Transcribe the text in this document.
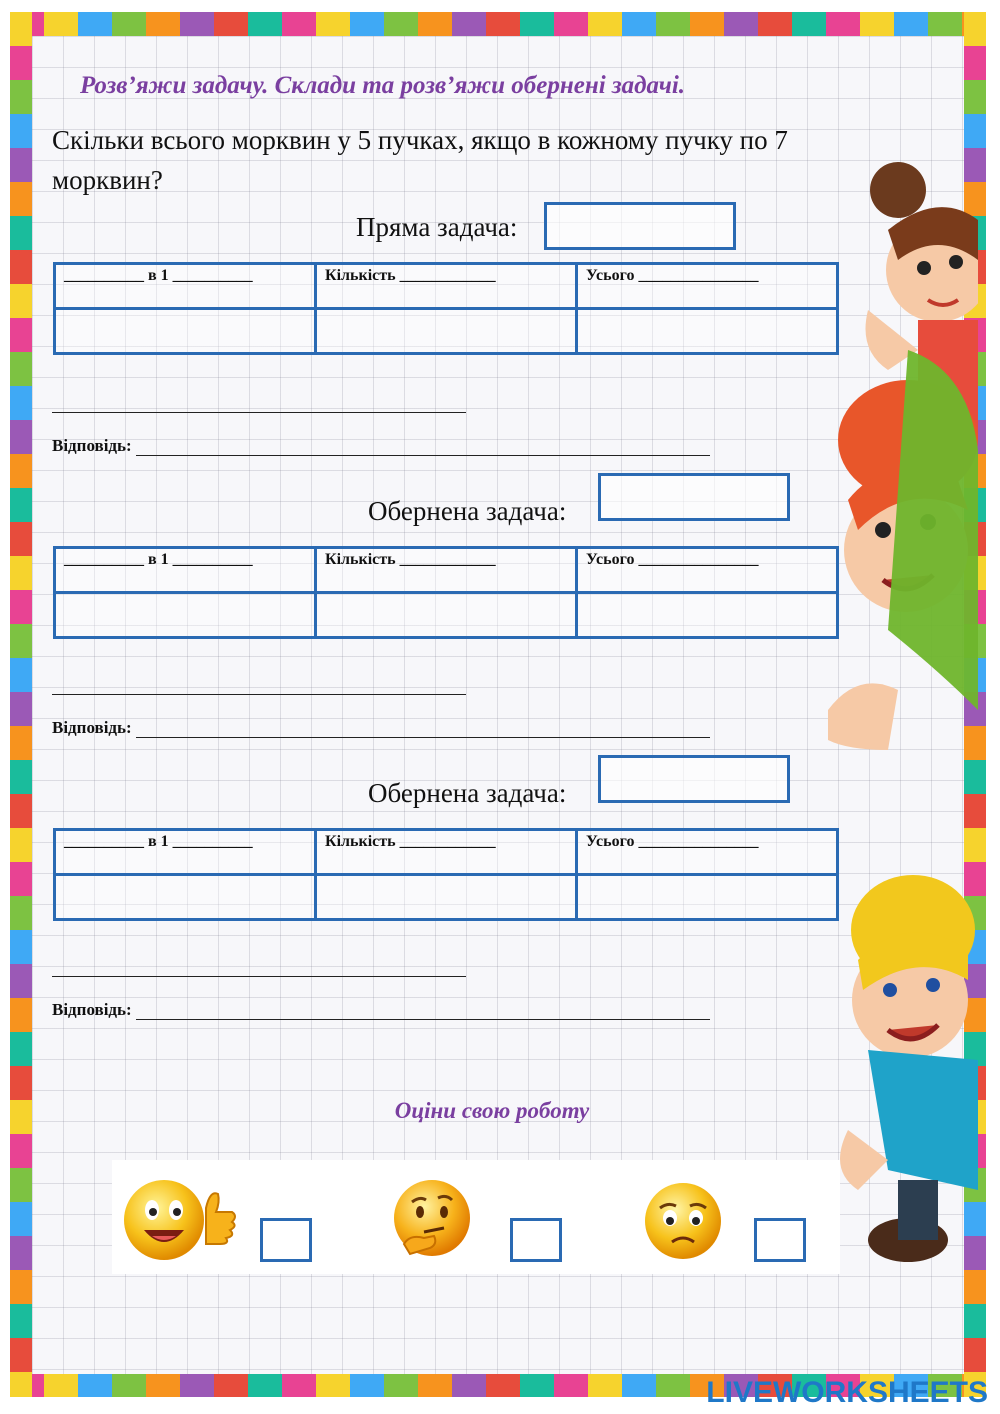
Розв’яжи задачу. Склади та розв’яжи обернені задачі.
Скільки всього морквин у 5 пучках, якщо в кожному пучку по 7 морквин?
Пряма задача:
__________ в 1 __________	Кількість ____________	Усього _______________

Відповідь:
Обернена задача:
__________ в 1 __________	Кількість ____________	Усього _______________

Відповідь:
Обернена задача:
__________ в 1 __________	Кількість ____________	Усього _______________

Відповідь:
Оціни свою роботу
LIVEWORKSHEETS
